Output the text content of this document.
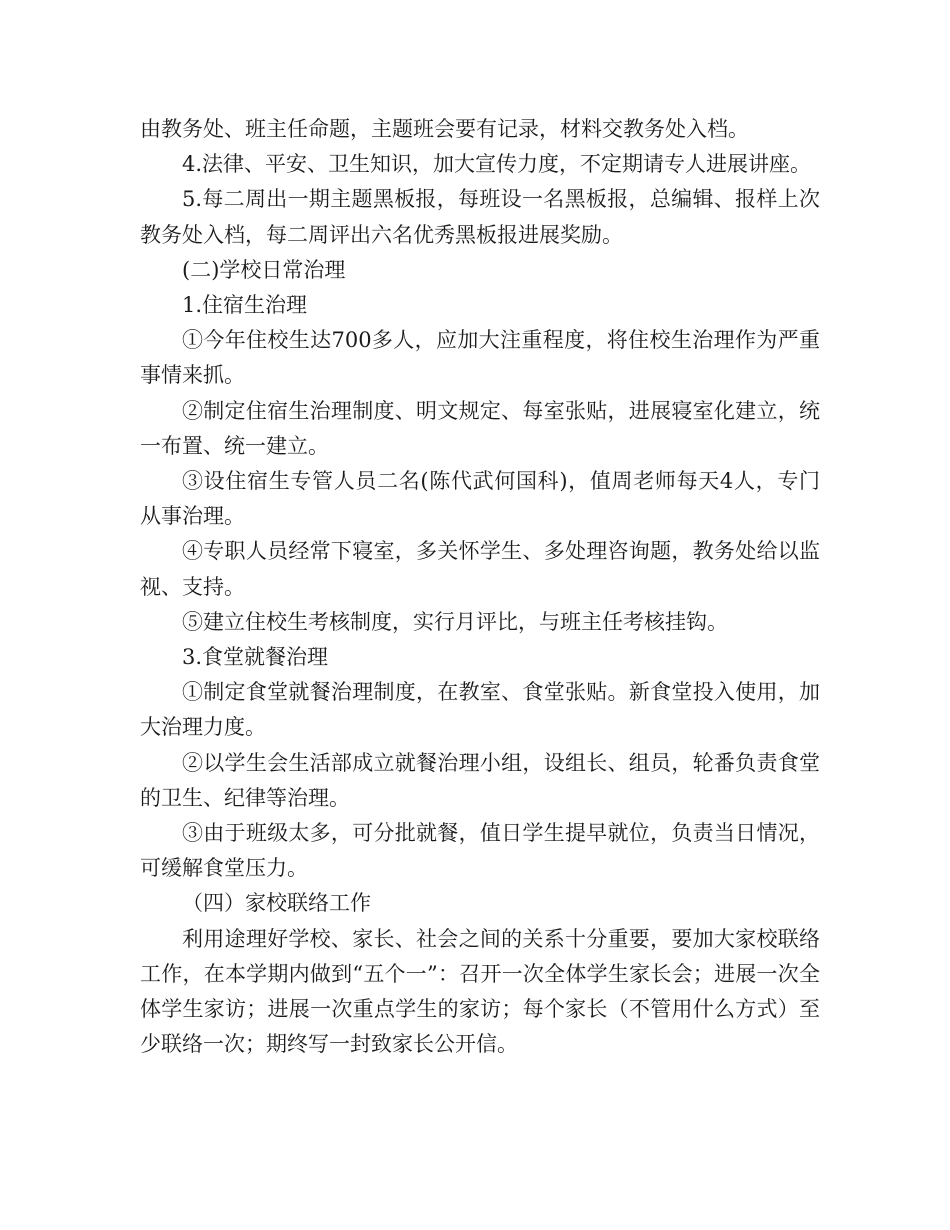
由教务处、班主任命题，主题班会要有记录，材料交教务处入档。

4.法律、平安、卫生知识，加大宣传力度，不定期请专人进展讲座。

5.每二周出一期主题黑板报，每班设一名黑板报，总编辑、报样上次教务处入档，每二周评出六名优秀黑板报进展奖励。

(二)学校日常治理

1.住宿生治理

①今年住校生达700多人，应加大注重程度，将住校生治理作为严重事情来抓。

②制定住宿生治理制度、明文规定、每室张贴，进展寝室化建立，统一布置、统一建立。

③设住宿生专管人员二名(陈代武何国科)，值周老师每天4人，专门从事治理。

④专职人员经常下寝室，多关怀学生、多处理咨询题，教务处给以监视、支持。

⑤建立住校生考核制度，实行月评比，与班主任考核挂钩。

3.食堂就餐治理

①制定食堂就餐治理制度，在教室、食堂张贴。新食堂投入使用，加大治理力度。

②以学生会生活部成立就餐治理小组，设组长、组员，轮番负责食堂的卫生、纪律等治理。

③由于班级太多，可分批就餐，值日学生提早就位，负责当日情况，可缓解食堂压力。

（四）家校联络工作

利用途理好学校、家长、社会之间的关系十分重要，要加大家校联络工作，在本学期内做到“五个一”：召开一次全体学生家长会；进展一次全体学生家访；进展一次重点学生的家访；每个家长（不管用什么方式）至少联络一次；期终写一封致家长公开信。
